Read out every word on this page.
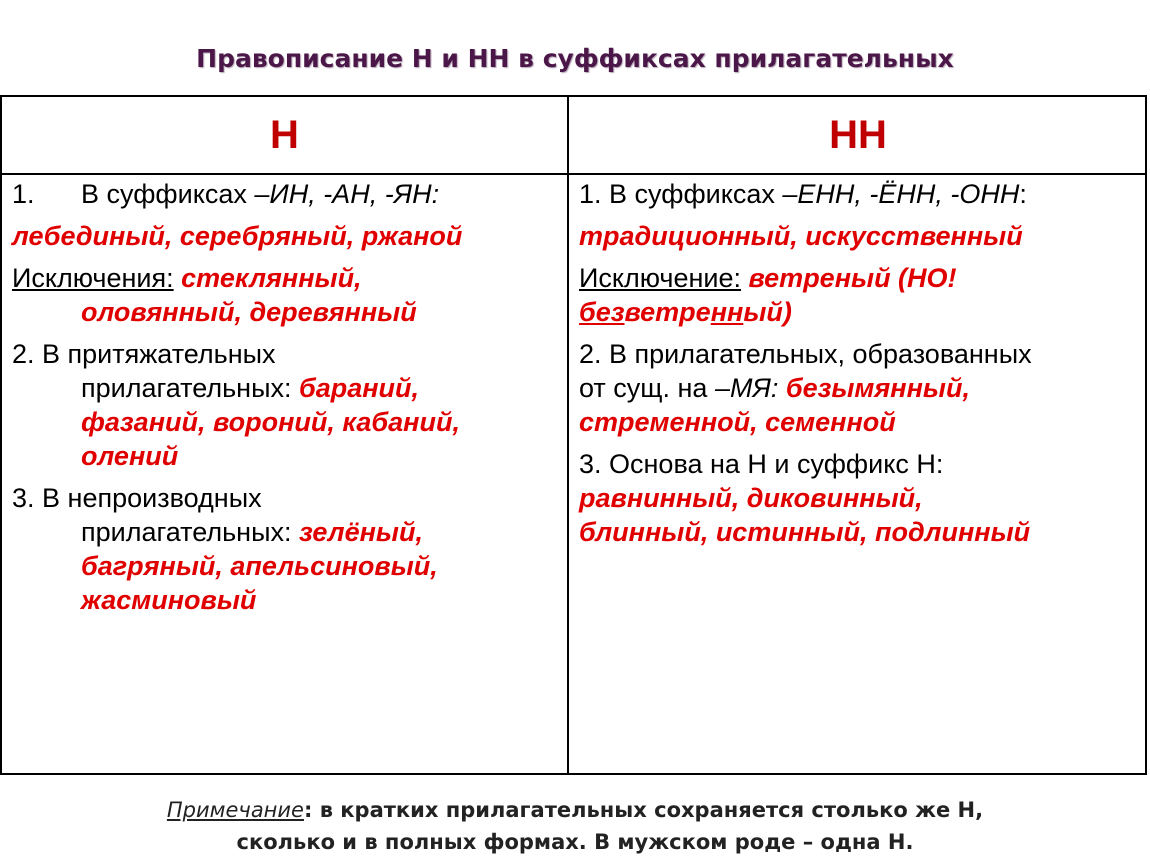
Правописание Н и НН в суффиксах прилагательных
Н	НН
1. В суффиксах –ИН, -АН, -ЯН:
лебединый, серебряный, ржаной
Исключения: стеклянный,
оловянный, деревянный
2. В притяжательных
прилагательных: бараний,
фазаний, вороний, кабаний,
олений
3. В непроизводных
прилагательных: зелёный,
багряный, апельсиновый,
жасминовый
1. В суффиксах –ЕНН, -ЁНН, -ОНН:
традиционный, искусственный
Исключение: ветреный (НО!
безветренный)
2. В прилагательных, образованных
от сущ. на –МЯ: безымянный,
стременной, семенной
3. Основа на Н и суффикс Н:
равнинный, диковинный,
блинный, истинный, подлинный
Примечание: в кратких прилагательных сохраняется столько же Н,
сколько и в полных формах. В мужском роде – одна Н.
